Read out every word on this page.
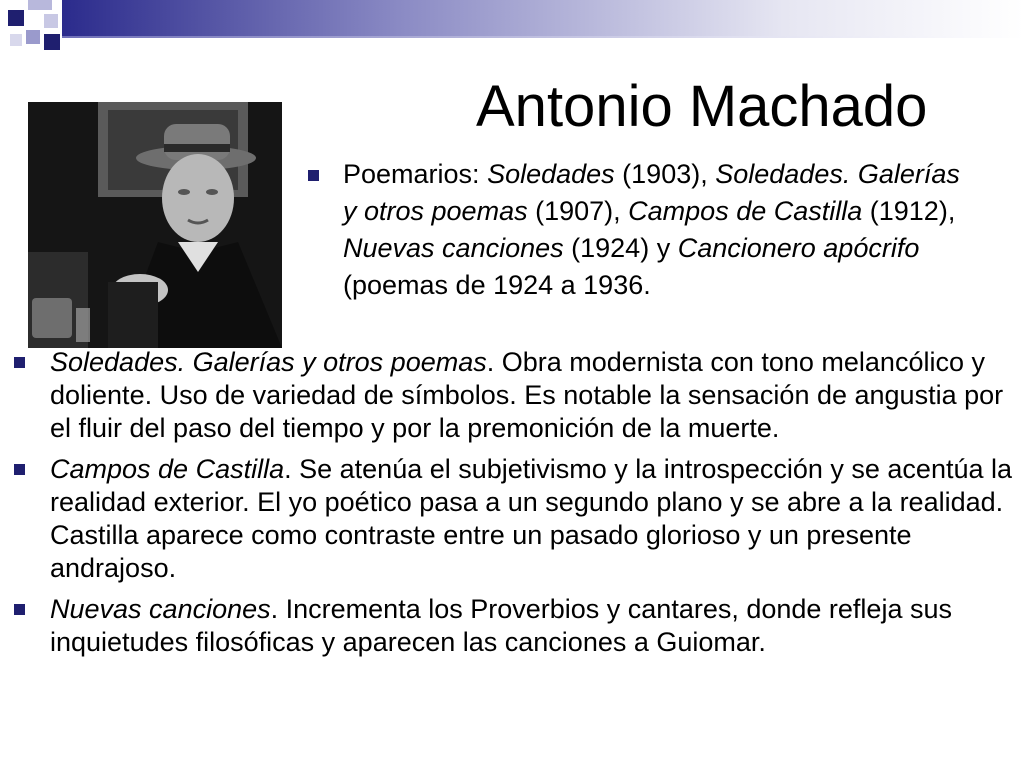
Antonio Machado
Poemarios: Soledades (1903), Soledades. Galerías y otros poemas (1907), Campos de Castilla (1912), Nuevas canciones (1924) y Cancionero apócrifo (poemas de 1924 a 1936.
Soledades. Galerías y otros poemas. Obra modernista con tono melancólico y doliente. Uso de variedad de símbolos. Es notable la sensación de angustia por el fluir del paso del tiempo y por la premonición de la muerte.
Campos de Castilla. Se atenúa el subjetivismo y la introspección y se acentúa la realidad exterior. El yo poético pasa a un segundo plano y se abre a la realidad. Castilla aparece como contraste entre un pasado glorioso y un presente andrajoso.
Nuevas canciones. Incrementa los Proverbios y cantares, donde refleja sus inquietudes filosóficas y aparecen las canciones a Guiomar.
